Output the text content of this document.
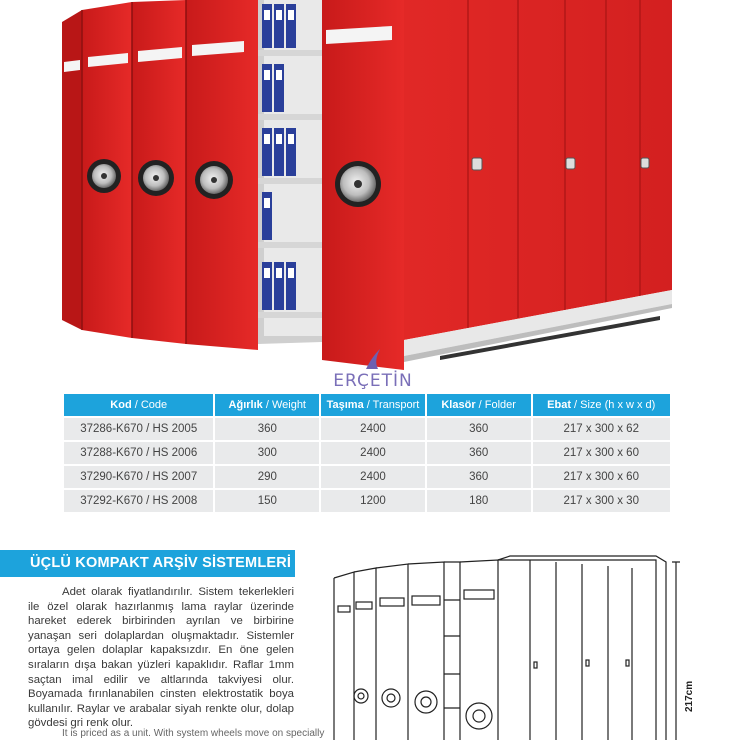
ERÇETİN
Kod / Code	Ağırlık / Weight	Taşıma / Transport	Klasör / Folder	Ebat / Size (h x w x d)
37286-K670 / HS 2005	360	2400	360	217 x 300 x 62
37288-K670 / HS 2006	300	2400	360	217 x 300 x 60
37290-K670 / HS 2007	290	2400	360	217 x 300 x 60
37292-K670 / HS 2008	150	1200	180	217 x 300 x 30
ÜÇLÜ KOMPAKT ARŞİV SİSTEMLERİ

Adet olarak fiyatlandırılır. Sistem tekerlekleri ile özel olarak hazırlanmış lama raylar üzerinde hareket ederek birbirinden ayrılan ve birbirine yanaşan seri dolaplardan oluşmaktadır. Sistemler ortaya gelen dolaplar kapaksızdır. En öne gelen sıraların dışa bakan yüzleri kapaklıdır. Raflar 1mm saçtan imal edilir ve altlarında takviyesi olur. Boyamada fırınlanabilen cinsten elektrostatik boya kullanılır. Raylar ve arabalar siyah renkte olur, dolap gövdesi gri renk olur.

It is priced as a unit. With system wheels move on specially

217cm
